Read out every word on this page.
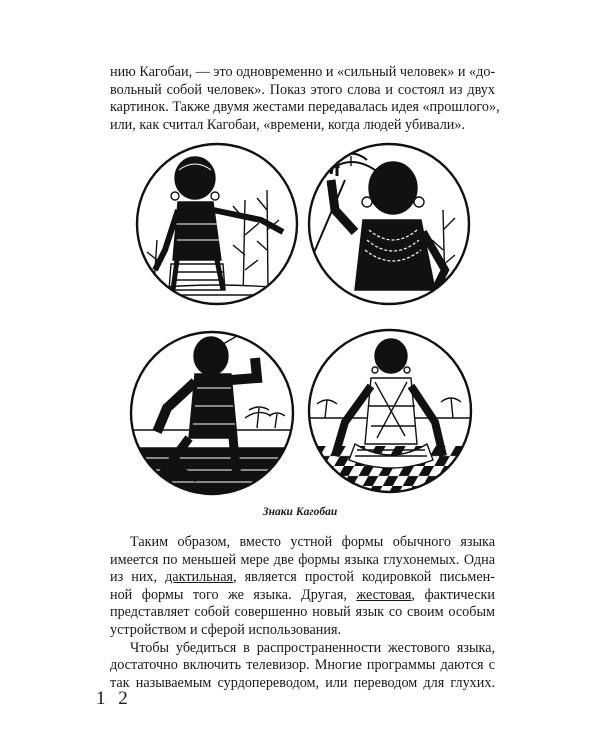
нию Кагобаи, — это одновременно и «сильный человек» и «до-
вольный собой человек». Показ этого слова и состоял из двух
картинок. Также двумя жестами передавалась идея «прошлого»,
или, как считал Кагобаи, «времени, когда людей убивали».
Знаки Кагобаи
Таким образом, вместо устной формы обычного языка
имеется по меньшей мере две формы языка глухонемых. Одна
из них, дактильная, является простой кодировкой письмен-
ной формы того же языка. Другая, жестовая, фактически
представляет собой совершенно новый язык со своим особым
устройством и сферой использования.
Чтобы убедиться в распространенности жестового языка,
достаточно включить телевизор. Многие программы даются с
так называемым сурдопереводом, или переводом для глухих.
1 2
